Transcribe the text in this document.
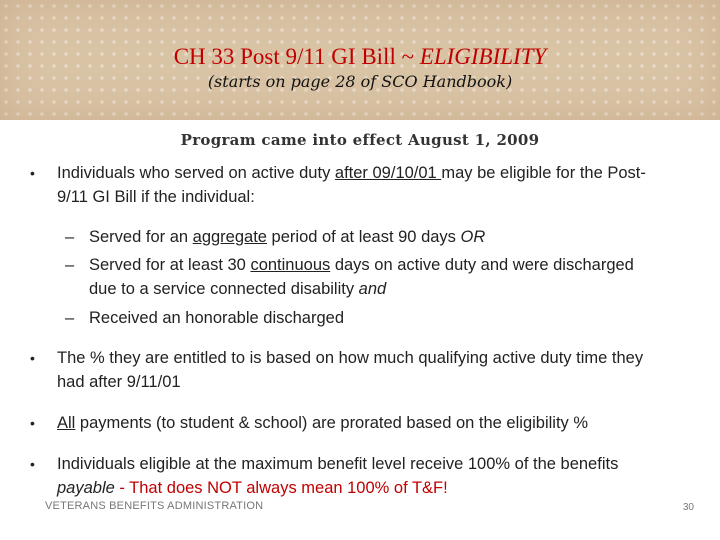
CH 33 Post 9/11 GI Bill ~ ELIGIBILITY
(starts on page 28 of SCO Handbook)
Program came into effect August 1, 2009
• Individuals who served on active duty after 09/10/01 may be eligible for the Post-9/11 GI Bill if the individual:
– Served for an aggregate period of at least 90 days OR
– Served for at least 30 continuous days on active duty and were discharged due to a service connected disability and
– Received an honorable discharged
• The % they are entitled to is based on how much qualifying active duty time they had after 9/11/01
• All payments (to student & school) are prorated based on the eligibility %
• Individuals eligible at the maximum benefit level receive 100% of the benefits payable - That does NOT always mean 100% of T&F!
VETERANS BENEFITS ADMINISTRATION	30
